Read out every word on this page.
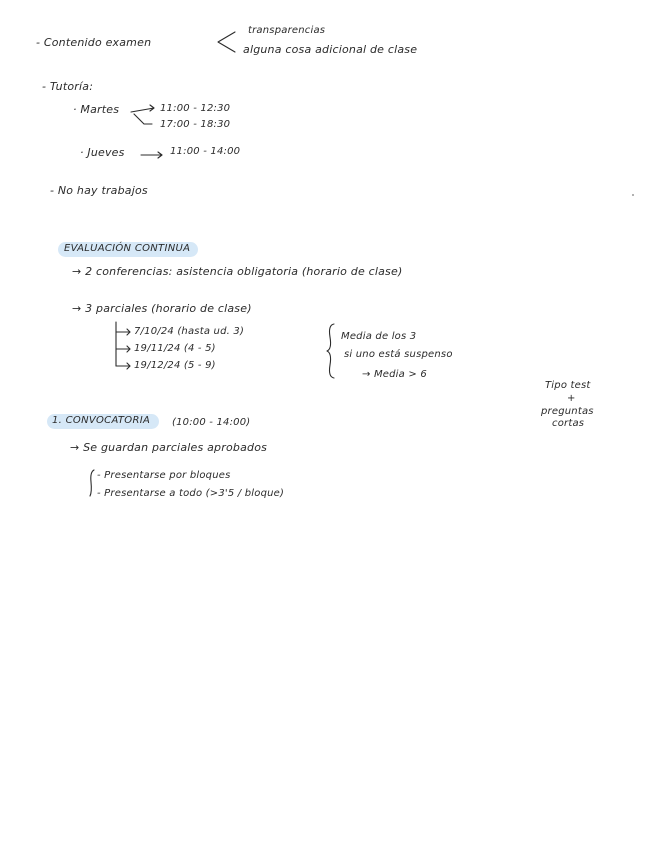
- Contenido examen
transparencias
alguna cosa adicional de clase
- Tutoría:
· Martes	11:00 - 12:30
17:00 - 18:30
· Jueves	11:00 - 14:00
- No hay trabajos
EVALUACIÓN CONTINUA
→ 2 conferencias: asistencia obligatoria (horario de clase)
→ 3 parciales (horario de clase)
7/10/24 (hasta ud. 3)
19/11/24 (4 - 5)
19/12/24 (5 - 9)
Media de los 3
si uno está suspenso
→ Media > 6
Tipo test
+
preguntas
cortas
1. CONVOCATORIA (10:00 - 14:00)
→ Se guardan parciales aprobados
- Presentarse por bloques
- Presentarse a todo (>3'5 / bloque)
